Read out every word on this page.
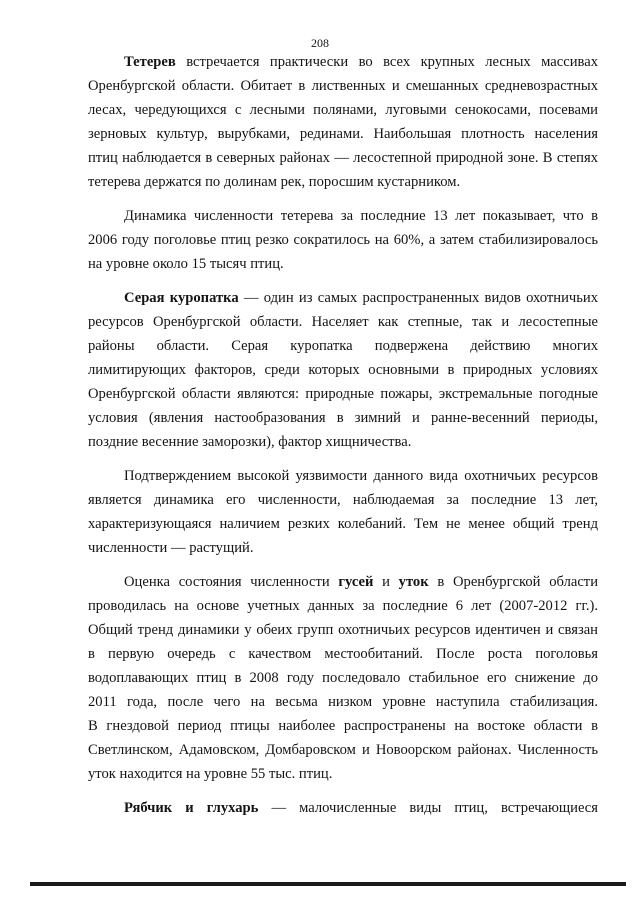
208
Тетерев встречается практически во всех крупных лесных массивах
Оренбургской области. Обитает в лиственных и смешанных средневозрастных
лесах, чередующихся с лесными полянами, луговыми сенокосами, посевами
зерновых культур, вырубками, рединами. Наибольшая плотность населения
птиц наблюдается в северных районах — лесостепной природной зоне. В степях
тетерева держатся по долинам рек, поросшим кустарником.
Динамика численности тетерева за последние 13 лет показывает, что в
2006 году поголовье птиц резко сократилось на 60%, а затем стабилизировалось
на уровне около 15 тысяч птиц.
Серая куропатка — один из самых распространенных видов охотничьих
ресурсов Оренбургской области. Населяет как степные, так и лесостепные
районы области. Серая куропатка подвержена действию многих
лимитирующих факторов, среди которых основными в природных условиях
Оренбургской области являются: природные пожары, экстремальные погодные
условия (явления настообразования в зимний и ранне-весенний периоды,
поздние весенние заморозки), фактор хищничества.
Подтверждением высокой уязвимости данного вида охотничьих ресурсов
является динамика его численности, наблюдаемая за последние 13 лет,
характеризующаяся наличием резких колебаний. Тем не менее общий тренд
численности — растущий.
Оценка состояния численности гусей и уток в Оренбургской области
проводилась на основе учетных данных за последние 6 лет (2007-2012 гг.).
Общий тренд динамики у обеих групп охотничьих ресурсов идентичен и связан
в первую очередь с качеством местообитаний. После роста поголовья
водоплавающих птиц в 2008 году последовало стабильное его снижение до
2011 года, после чего на весьма низком уровне наступила стабилизация.
В гнездовой период птицы наиболее распространены на востоке области в
Светлинском, Адамовском, Домбаровском и Новоорском районах. Численность
уток находится на уровне 55 тыс. птиц.
Рябчик и глухарь — малочисленные виды птиц, встречающиеся
